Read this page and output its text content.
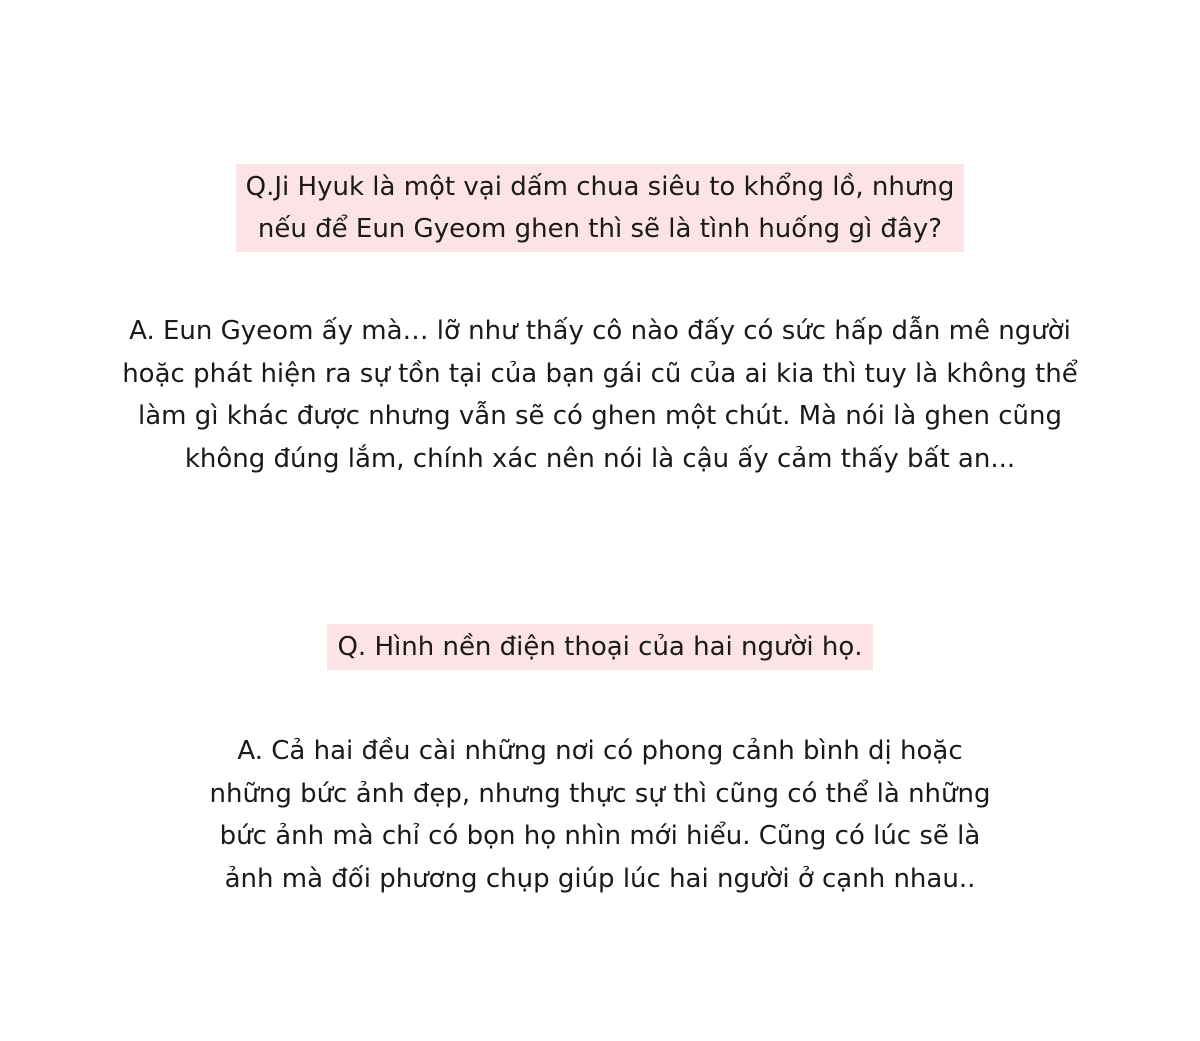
Q.Ji Hyuk là một vại dấm chua siêu to khổng lồ, nhưng
nếu để Eun Gyeom ghen thì sẽ là tình huống gì đây?
A. Eun Gyeom ấy mà… lỡ như thấy cô nào đấy có sức hấp dẫn mê người
hoặc phát hiện ra sự tồn tại của bạn gái cũ của ai kia thì tuy là không thể
làm gì khác được nhưng vẫn sẽ có ghen một chút. Mà nói là ghen cũng
không đúng lắm, chính xác nên nói là cậu ấy cảm thấy bất an...
Q. Hình nền điện thoại của hai người họ.
A. Cả hai đều cài những nơi có phong cảnh bình dị hoặc
những bức ảnh đẹp, nhưng thực sự thì cũng có thể là những
bức ảnh mà chỉ có bọn họ nhìn mới hiểu. Cũng có lúc sẽ là
ảnh mà đối phương chụp giúp lúc hai người ở cạnh nhau..
